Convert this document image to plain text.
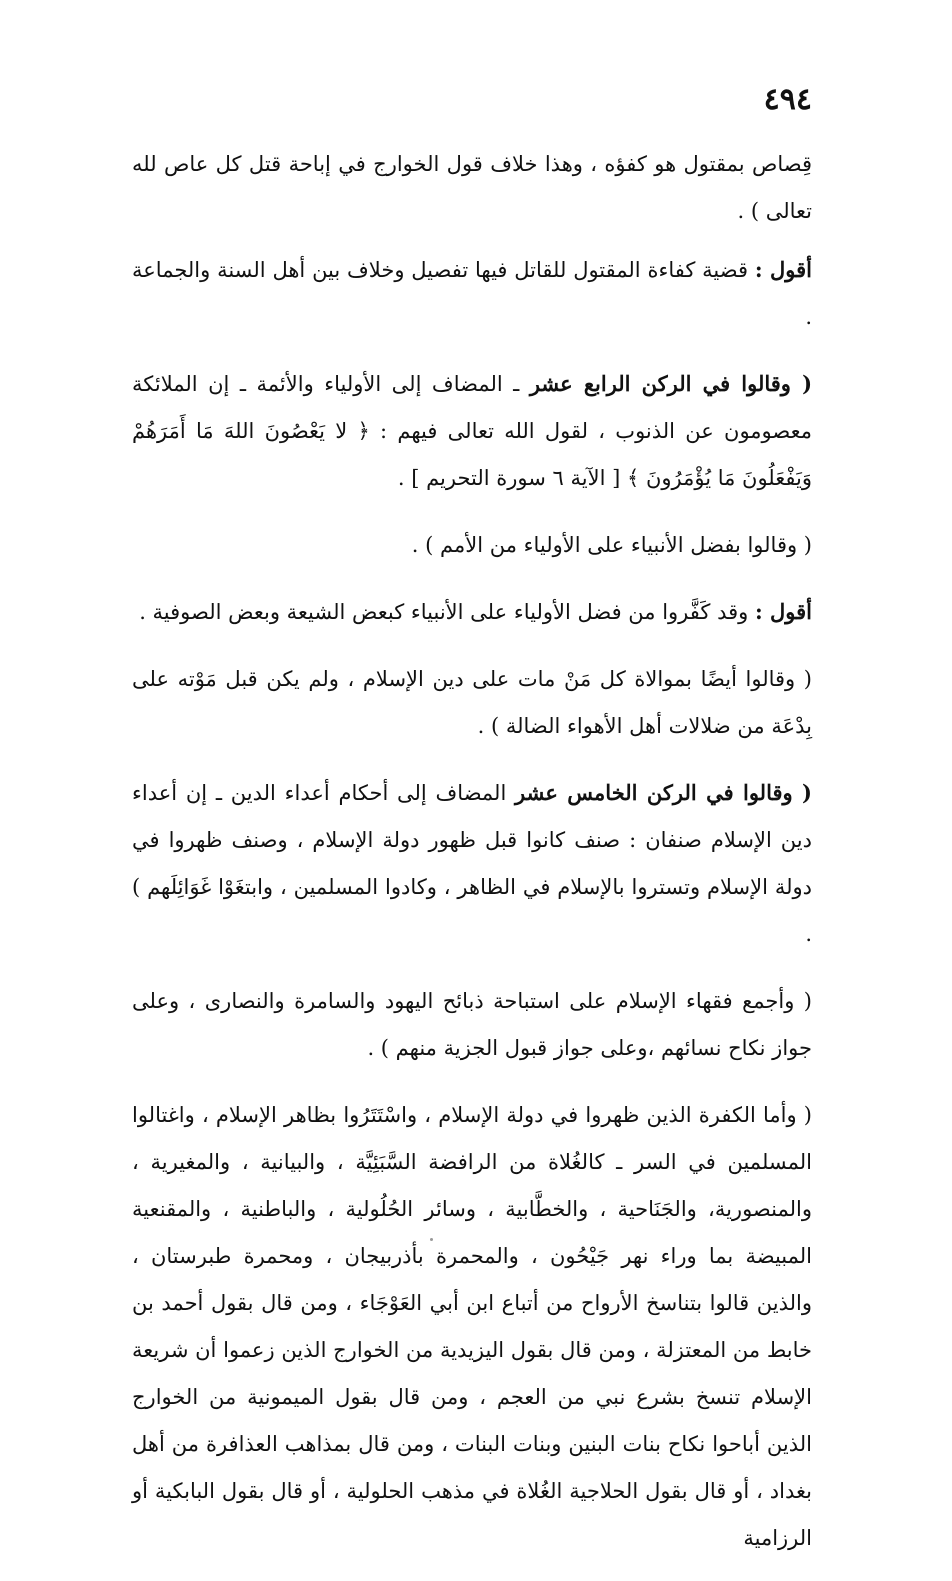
٤٩٤

قِصاص بمقتول هو كفؤه ، وهذا خلاف قول الخوارج في إباحة قتل كل عاص لله تعالى ) .

أقول : قضية كفاءة المقتول للقاتل فيها تفصيل وخلاف بين أهل السنة والجماعة .

( وقالوا في الركن الرابع عشر ـ المضاف إلى الأولياء والأئمة ـ إن الملائكة معصومون عن الذنوب ، لقول الله تعالى فيهم : ﴿ لا يَعْصُونَ اللهَ مَا أَمَرَهُمْ وَيَفْعَلُونَ مَا يُؤْمَرُونَ ﴾ [ الآية ٦ سورة التحريم ] .

( وقالوا بفضل الأنبياء على الأولياء من الأمم ) .

أقول : وقد كَفَّروا من فضل الأولياء على الأنبياء كبعض الشيعة وبعض الصوفية .

( وقالوا أيضًا بموالاة كل مَنْ مات على دين الإسلام ، ولم يكن قبل مَوْته على بِدْعَة من ضلالات أهل الأهواء الضالة ) .

( وقالوا في الركن الخامس عشر المضاف إلى أحكام أعداء الدين ـ إن أعداء دين الإسلام صنفان : صنف كانوا قبل ظهور دولة الإسلام ، وصنف ظهروا في دولة الإسلام وتستروا بالإسلام في الظاهر ، وكادوا المسلمين ، وابتغَوْا غَوَائِلَهم ) .

( وأجمع فقهاء الإسلام على استباحة ذبائح اليهود والسامرة والنصارى ، وعلى جواز نكاح نسائهم ،وعلى جواز قبول الجزية منهم ) .

( وأما الكفرة الذين ظهروا في دولة الإسلام ، واسْتَتَرُوا بظاهر الإسلام ، واغتالوا المسلمين في السر ـ كالغُلاة من الرافضة السَّبَئِيَّة ، والبيانية ، والمغيرية ، والمنصورية، والجَنَاحية ، والخطَّابية ، وسائر الحُلُولية ، والباطنية ، والمقنعية المبيضة بما وراء نهر جَيْحُون ، والمحمرة بأذربيجان ، ومحمرة طبرستان ، والذين قالوا بتناسخ الأرواح من أتباع ابن أبي العَوْجَاء ، ومن قال بقول أحمد بن خابط من المعتزلة ، ومن قال بقول اليزيدية من الخوارج الذين زعموا أن شريعة الإسلام تنسخ بشرع نبي من العجم ، ومن قال بقول الميمونية من الخوارج الذين أباحوا نكاح بنات البنين وبنات البنات ، ومن قال بمذاهب العذافرة من أهل بغداد ، أو قال بقول الحلاجية الغُلاة في مذهب الحلولية ، أو قال بقول البابكية أو الرزامية
